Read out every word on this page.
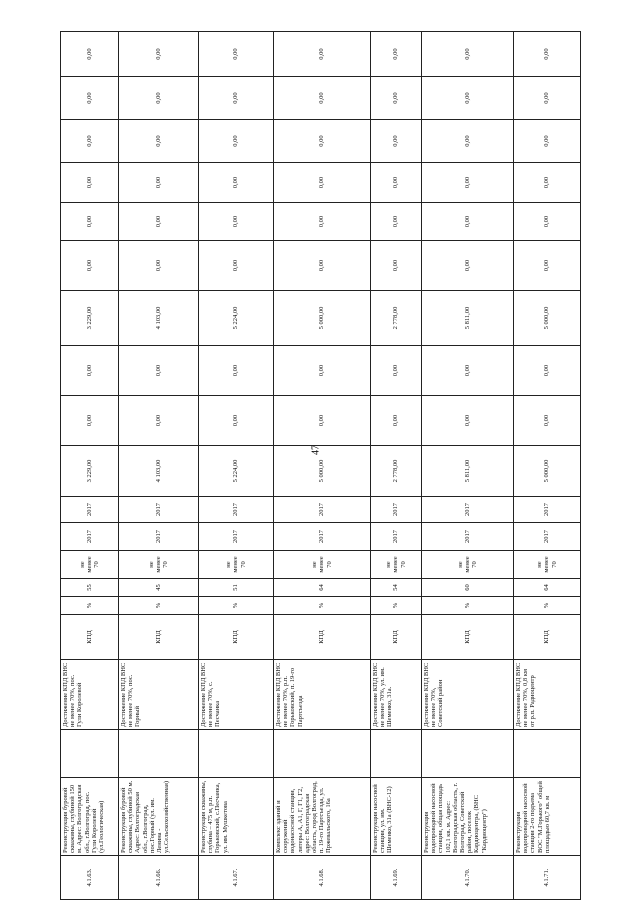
47
4.1.63.	Реконструкция буровой скважины, глубиной 150 м. Адрес: Волгоградская обл., г.Волгоград, пос. Гули Королевой (ул.Геологическая)		Достижение КПД ВНС не менее 70%, пос. Гули Королевой	КПД	%	55	не менее 70	2017	2017	3 229,00	0,00	0,00	3 229,00	0,00	0,00	0,00	0,00	0,00	0,00
4.1.66.	Реконструкция буровой скважины, глубиной 50 м. Адрес: Волгоградская обл., г.Волгоград, пос.Горный (ул. им. Ленина - ул.Сельскохозяйственная)		Достижение КПД ВНС не менее 70%, пос. Горный	КПД	%	45	не менее 70	2017	2017	4 103,00	0,00	0,00	4 103,00	0,00	0,00	0,00	0,00	0,00	0,00
4.1.67.	Реконструкция скважины, глубина – 475 м, р.п. Горьковский, с.Песчанка, ул. им. Мушкетова		Достижение КПД ВНС не менее 70%, с. Песчанка	КПД	%	51	не менее 70	2017	2017	5 224,00	0,00	0,00	5 224,00	0,00	0,00	0,00	0,00	0,00	0,00
4.1.68.	Комплекс зданий и сооружений водонасосной станции, литеры А, А1, Г, Г1, Г2, адрес: Волгоградская область, город Волгоград, п. 19-го Партсъезда, ул. Пржевальского, 16а		Достижение КПД ВНС не менее 70%, р.п. Горьковский, п. 19-го Партсъезда	КПД	%	64	не менее 70	2017	2017	5 000,00	0,00	0,00	5 000,00	0,00	0,00	0,00	0,00	0,00	0,00
4.1.69.	Реконструкция насосной станции, ул. им. Шеменко, 31а (ВНС-12)		Достижение КПД ВНС не менее 70%, ул. им. Шеменко, 31а.	КПД	%	54	не менее 70	2017	2017	2 778,00	0,00	0,00	2 778,00	0,00	0,00	0,00	0,00	0,00	0,00
4.1.70.	Реконструкция водопроводной насосной станции, общая площадь 102,1 кв. м. Адрес: Волгоградская область, г. Волгоград, Советский район, поселок Кардиоцентра, (ВНС "Кардиоцентр")		Достижение КПД ВНС не менее 70%, Советский район	КПД	%	60	не менее 70	2017	2017	5 811,00	0,00	0,00	5 811,00	0,00	0,00	0,00	0,00	0,00	0,00
4.1.71.	Реконструкция водопроводной насосной станции 2-го подъема ВОС "М.Горького" общей площадью 60,7 кв. м		Достижение КПД ВНС не менее 70%, 0,8 км от р.п. Радиоцентр	КПД	%	64	не менее 70	2017	2017	5 000,00	0,00	0,00	5 000,00	0,00	0,00	0,00	0,00	0,00	0,00
